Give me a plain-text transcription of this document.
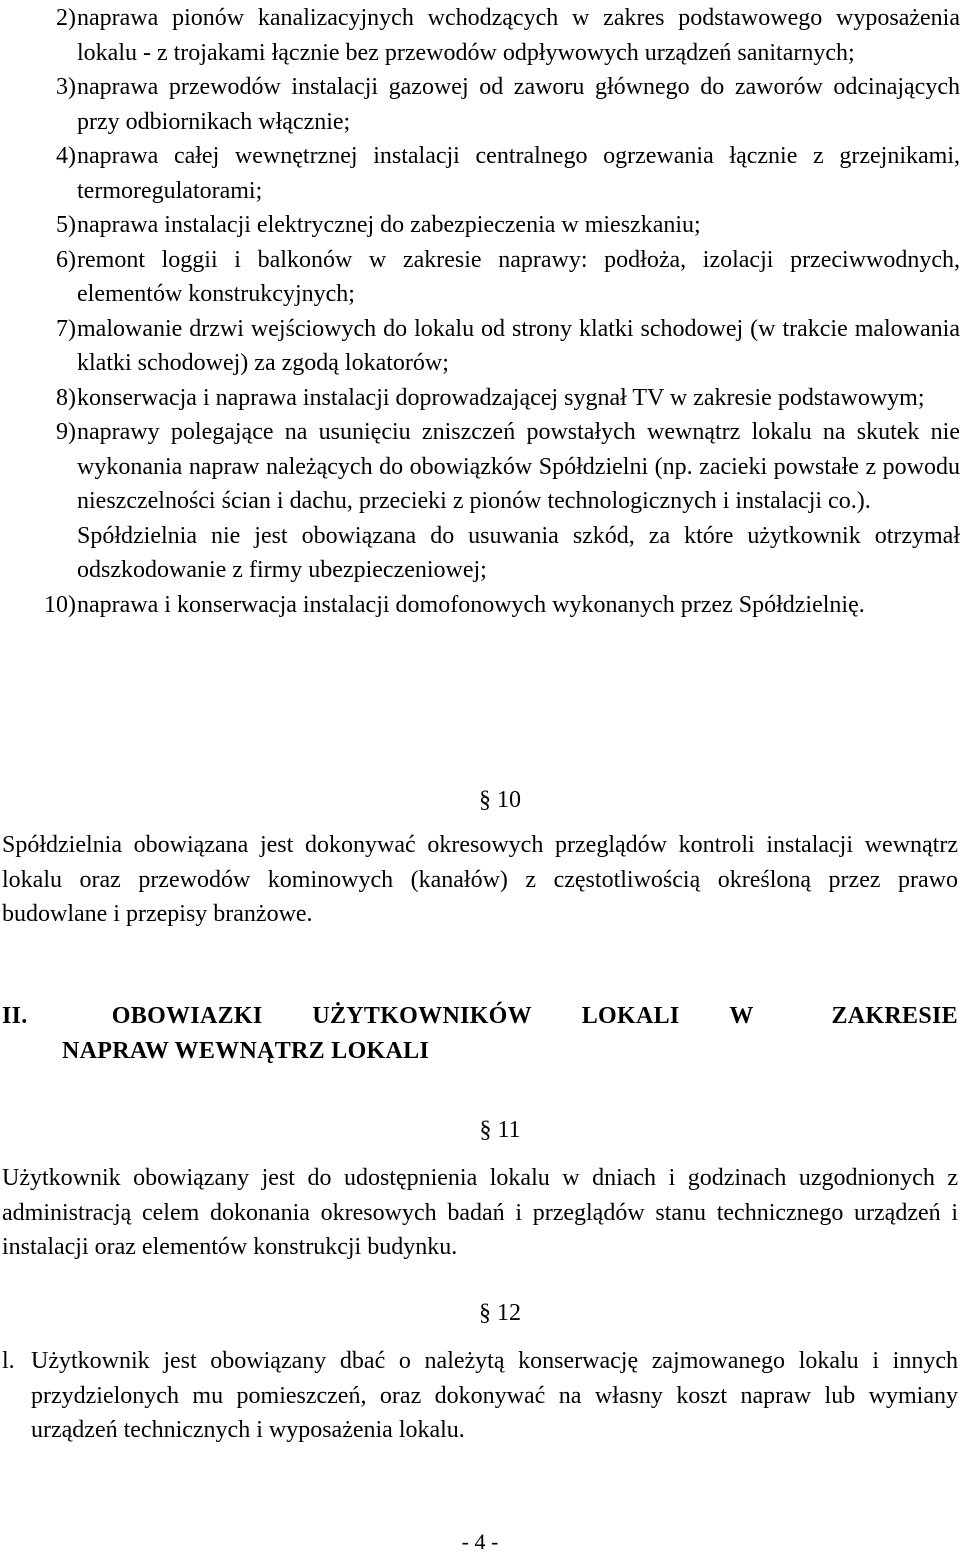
2) naprawa pionów kanalizacyjnych wchodzących w zakres podstawowego wyposażenia lokalu - z trojakami łącznie bez przewodów odpływowych urządzeń sanitarnych;
3) naprawa przewodów instalacji gazowej od zaworu głównego do zaworów odcinających przy odbiornikach włącznie;
4) naprawa całej wewnętrznej instalacji centralnego ogrzewania łącznie z grzejnikami, termoregulatorami;
5) naprawa instalacji elektrycznej do zabezpieczenia w mieszkaniu;
6) remont loggii i balkonów w zakresie naprawy: podłoża, izolacji przeciwwodnych, elementów konstrukcyjnych;
7) malowanie drzwi wejściowych do lokalu od strony klatki schodowej (w trakcie malowania klatki schodowej) za zgodą lokatorów;
8) konserwacja i naprawa instalacji doprowadzającej sygnał TV w zakresie podstawowym;
9) naprawy polegające na usunięciu zniszczeń powstałych wewnątrz lokalu na skutek nie wykonania napraw należących do obowiązków Spółdzielni (np. zacieki powstałe z powodu nieszczelności ścian i dachu, przecieki z pionów technologicznych i instalacji co.).
Spółdzielnia nie jest obowiązana do usuwania szkód, za które użytkownik otrzymał odszkodowanie z firmy ubezpieczeniowej;
10) naprawa i konserwacja instalacji domofonowych wykonanych przez Spółdzielnię.
§ 10
Spółdzielnia obowiązana jest dokonywać okresowych przeglądów kontroli instalacji wewnątrz lokalu oraz przewodów kominowych (kanałów) z częstotliwością określoną przez prawo budowlane i przepisy branżowe.
II.	OBOWIAZKI UŻYTKOWNIKÓW LOKALI W	ZAKRESIE
NAPRAW WEWNĄTRZ LOKALI
§ 11
Użytkownik obowiązany jest do udostępnienia lokalu w dniach i godzinach uzgodnionych z administracją celem dokonania okresowych badań i przeglądów stanu technicznego urządzeń i instalacji oraz elementów konstrukcji budynku.
§ 12
l. Użytkownik jest obowiązany dbać o należytą konserwację zajmowanego lokalu i innych przydzielonych mu pomieszczeń, oraz dokonywać na własny koszt napraw lub wymiany urządzeń technicznych i wyposażenia lokalu.
- 4 -
